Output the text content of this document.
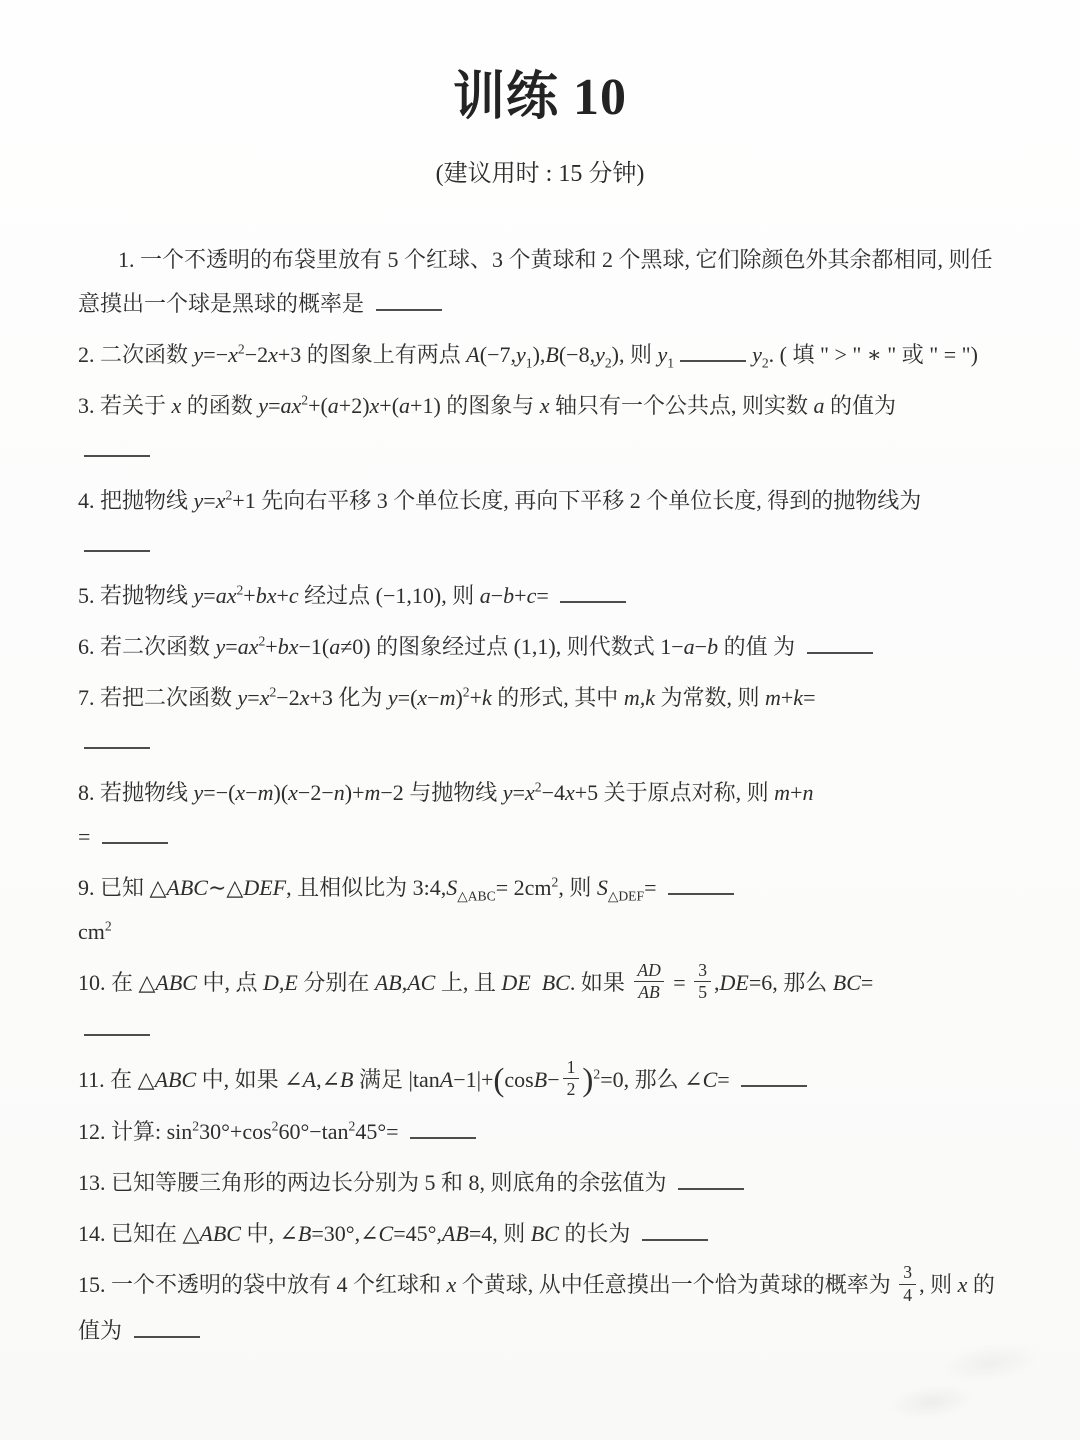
训练 10
(建议用时 : 15 分钟)

1. 一个不透明的布袋里放有 5 个红球、3 个黄球和 2 个黑球, 它们除颜色外其余都相同, 则任意摸出一个球是黑球的概率是

2. 二次函数 $y=-x^2-2x+3$ 的图象上有两点 $A(-7,y_1),B(-8,y_2)$, 则 $y_1$	$y_2$. ( 填 " > " ∗ " 或 " = ")

3. 若关于 x 的函数 $y=ax^2+(a+2)x+(a+1)$ 的图象与 x 轴只有一个公共点, 则实数 a 的值为

4. 把抛物线 $y=x^2+1$ 先向右平移 3 个单位长度, 再向下平移 2 个单位长度, 得到的抛物线为

5. 若抛物线 $y=ax^2+bx+c$ 经过点 (−1,10), 则 a−b+c=

6. 若二次函数 $y=ax^2+bx-1(a\ne 0)$ 的图象经过点 (1,1), 则代数式 1−a−b 的值 为

7. 若把二次函数 $y=x^2-2x+3$ 化为 $y=(x-m)^2+k$ 的形式, 其中 m,k 为常数, 则 m+k=

8. 若抛物线 y=−(x−m)(x−2−n)+m−2 与抛物线 $y=x^2-4x+5$ 关于原点对称, 则 m+n
=

9. 已知 △ABC∼△DEF, 且相似比为 $3:4,S_{\triangle ABC}= 2cm^2$, 则 $S_{\triangle DEF}=$
$cm^2$

10. 在 △ABC 中, 点 D,E 分别在 AB,AC 上, 且 DE BC. 如果 $\frac{AD}{AB} = \frac{3}{5} ,DE=6$, 那么 BC=

11. 在 △ABC 中, 如果 ∠A,∠B 满足 $|\tan A-1|+(\cos B- \frac{1}{2} )^2=0$, 那么 ∠C=

12. 计算: $\sin^230^\circ+\cos^260^\circ-\tan^245^\circ=$

13. 已知等腰三角形的两边长分别为 5 和 8, 则底角的余弦值为

14. 已知在 △ABC 中, ∠B=30°,∠C=45°,AB=4, 则 BC 的长为

15. 一个不透明的袋中放有 4 个红球和 x 个黄球, 从中任意摸出一个恰为黄球的概率为 $\frac{3}{4}$ , 则 x 的值为
